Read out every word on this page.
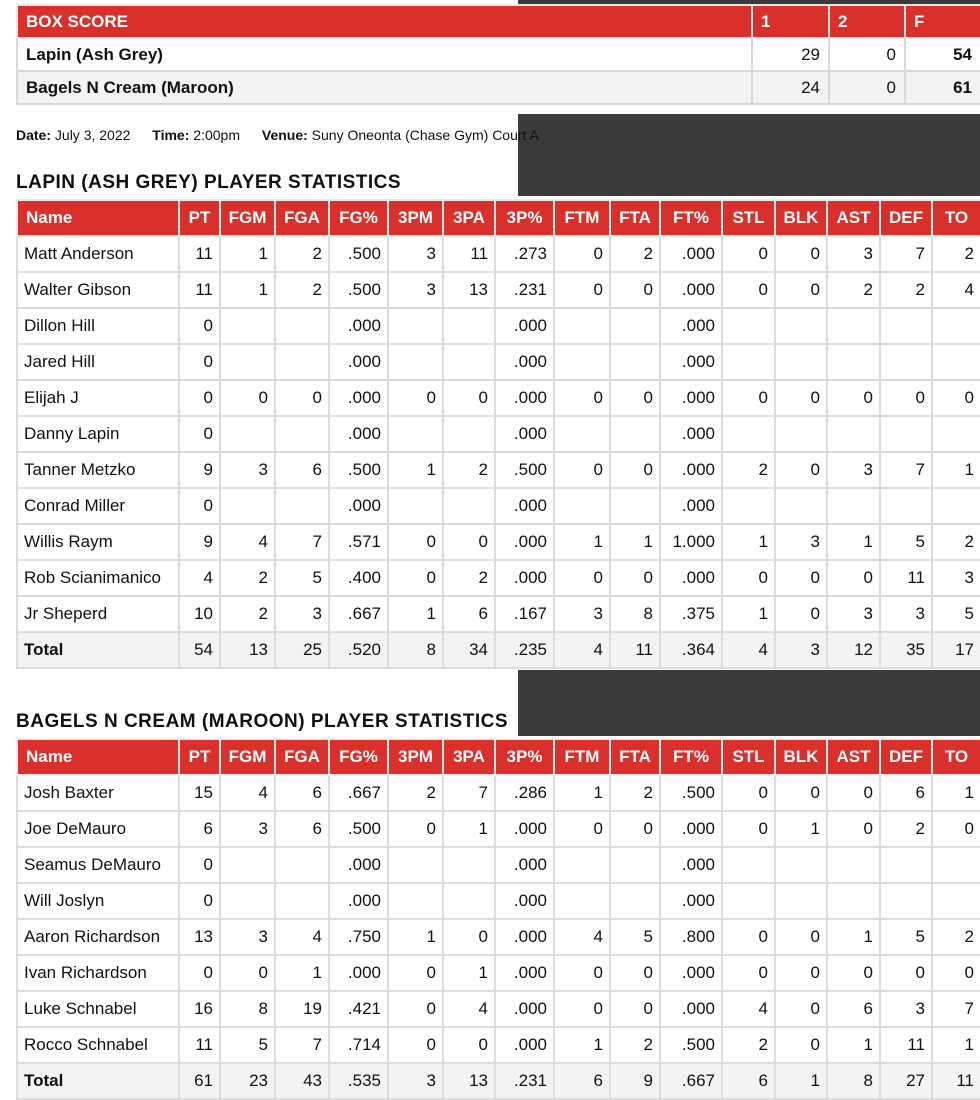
BOX SCORE	1	2	F
Lapin (Ash Grey)	29	0	54
Bagels N Cream (Maroon)	24	0	61
Date: July 3, 2022 Time: 2:00pm Venue: Suny Oneonta (Chase Gym) Court A
LAPIN (ASH GREY) PLAYER STATISTICS
Name	PT	FGM	FGA	FG%	3PM	3PA	3P%	FTM	FTA	FT%	STL	BLK	AST	DEF	TO
Matt Anderson	11	1	2	.500	3	11	.273	0	2	.000	0	0	3	7	2
Walter Gibson	11	1	2	.500	3	13	.231	0	0	.000	0	0	2	2	4
Dillon Hill	0			.000			.000			.000					
Jared Hill	0			.000			.000			.000					
Elijah J	0	0	0	.000	0	0	.000	0	0	.000	0	0	0	0	0
Danny Lapin	0			.000			.000			.000					
Tanner Metzko	9	3	6	.500	1	2	.500	0	0	.000	2	0	3	7	1
Conrad Miller	0			.000			.000			.000					
Willis Raym	9	4	7	.571	0	0	.000	1	1	1.000	1	3	1	5	2
Rob Scianimanico	4	2	5	.400	0	2	.000	0	0	.000	0	0	0	11	3
Jr Sheperd	10	2	3	.667	1	6	.167	3	8	.375	1	0	3	3	5
Total	54	13	25	.520	8	34	.235	4	11	.364	4	3	12	35	17
BAGELS N CREAM (MAROON) PLAYER STATISTICS
Name	PT	FGM	FGA	FG%	3PM	3PA	3P%	FTM	FTA	FT%	STL	BLK	AST	DEF	TO
Josh Baxter	15	4	6	.667	2	7	.286	1	2	.500	0	0	0	6	1
Joe DeMauro	6	3	6	.500	0	1	.000	0	0	.000	0	1	0	2	0
Seamus DeMauro	0			.000			.000			.000					
Will Joslyn	0			.000			.000			.000					
Aaron Richardson	13	3	4	.750	1	0	.000	4	5	.800	0	0	1	5	2
Ivan Richardson	0	0	1	.000	0	1	.000	0	0	.000	0	0	0	0	0
Luke Schnabel	16	8	19	.421	0	4	.000	0	0	.000	4	0	6	3	7
Rocco Schnabel	11	5	7	.714	0	0	.000	1	2	.500	2	0	1	11	1
Total	61	23	43	.535	3	13	.231	6	9	.667	6	1	8	27	11
